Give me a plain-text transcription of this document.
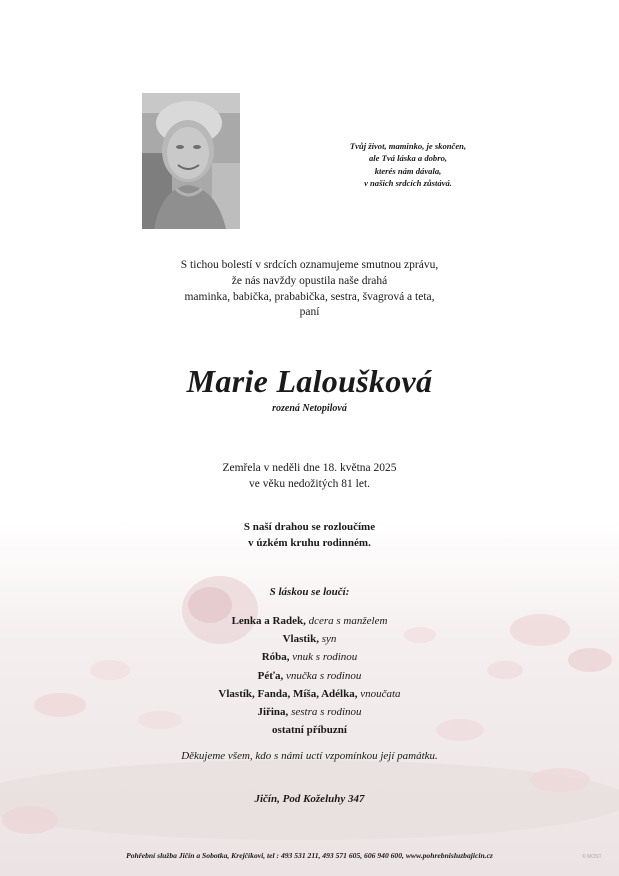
Tvůj život, maminko, je skončen,
ale Tvá láska a dobro,
kterés nám dávala,
v našich srdcích zůstává.
S tichou bolestí v srdcích oznamujeme smutnou zprávu,
že nás navždy opustila naše drahá
maminka, babička, prababička, sestra, švagrová a teta,
paní
Marie Laloušková
rozená Netopilová
Zemřela v neděli dne 18. května 2025
ve věku nedožitých 81 let.
S naší drahou se rozloučíme
v úzkém kruhu rodinném.
S láskou se loučí:
Lenka a Radek, dcera s manželem
Vlastik, syn
Róba, vnuk s rodinou
Péťa, vnučka s rodinou
Vlastík, Fanda, Míša, Adélka, vnoučata
Jiřina, sestra s rodinou
ostatní příbuzní
Děkujeme všem, kdo s námi uctí vzpomínkou její památku.
Jičín, Pod Koželuhy 347
Pohřební služba Jičín a Sobotka, Krejčíkovi, tel : 493 531 211, 493 571 605, 606 940 600, www.pohrebnisluzbajicin.cz	© MOST
